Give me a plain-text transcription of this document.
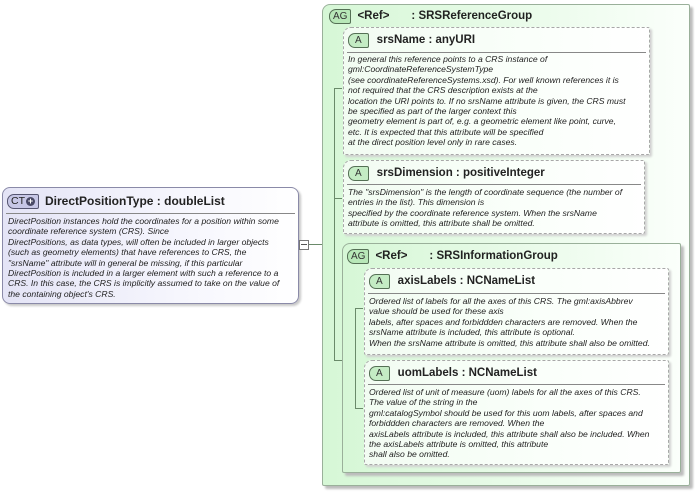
CT + DirectPositionType : doubleList
DirectPosition instances hold the coordinates for a position within some
coordinate reference system (CRS). Since
DirectPositions, as data types, will often be included in larger objects
(such as geometry elements) that have references to CRS, the
"srsName" attribute will in general be missing, if this particular
DirectPosition is included in a larger element with such a reference to a
CRS. In this case, the CRS is implicitly assumed to take on the value of
the containing object's CRS.
AG <Ref> : SRSReferenceGroup
A	srsName : anyURI
In general this reference points to a CRS instance of
gml:CoordinateReferenceSystemType
(see coordinateReferenceSystems.xsd). For well known references it is
not required that the CRS description exists at the
location the URI points to. If no srsName attribute is given, the CRS must
be specified as part of the larger context this
geometry element is part of, e.g. a geometric element like point, curve,
etc. It is expected that this attribute will be specified
at the direct position level only in rare cases.
A	srsDimension : positiveInteger
The "srsDimension" is the length of coordinate sequence (the number of
entries in the list). This dimension is
specified by the coordinate reference system. When the srsName
attribute is omitted, this attribute shall be omitted.
AG <Ref> : SRSInformationGroup
A	axisLabels : NCNameList
Ordered list of labels for all the axes of this CRS. The gml:axisAbbrev
value should be used for these axis
labels, after spaces and forbiddden characters are removed. When the
srsName attribute is included, this attribute is optional.
When the srsName attribute is omitted, this attribute shall also be omitted.
A	uomLabels : NCNameList
Ordered list of unit of measure (uom) labels for all the axes of this CRS.
The value of the string in the
gml:catalogSymbol should be used for this uom labels, after spaces and
forbiddden characters are removed. When the
axisLabels attribute is included, this attribute shall also be included. When
the axisLabels attribute is omitted, this attribute
shall also be omitted.
